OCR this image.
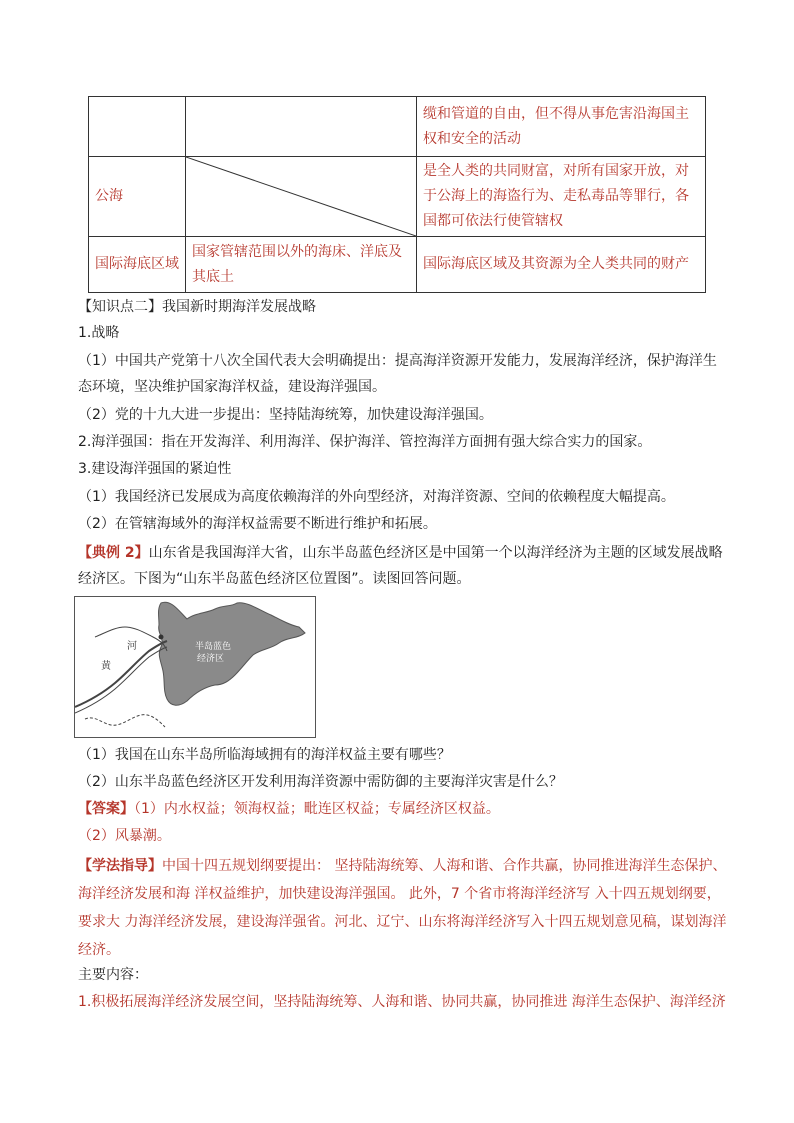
		缆和管道的自由，但不得从事危害沿海国主权和安全的活动
公海		是全人类的共同财富，对所有国家开放，对于公海上的海盗行为、走私毒品等罪行，各国都可依法行使管辖权
国际海底区域	国家管辖范围以外的海床、洋底及其底土	国际海底区域及其资源为全人类共同的财产
【知识点二】我国新时期海洋发展战略
1.战略
（1）中国共产党第十八次全国代表大会明确提出：提高海洋资源开发能力，发展海洋经济，保护海洋生态环境，坚决维护国家海洋权益，建设海洋强国。
（2）党的十九大进一步提出：坚持陆海统筹，加快建设海洋强国。
2.海洋强国：指在开发海洋、利用海洋、保护海洋、管控海洋方面拥有强大综合实力的国家。
3.建设海洋强国的紧迫性
（1）我国经济已发展成为高度依赖海洋的外向型经济，对海洋资源、空间的依赖程度大幅提高。
（2）在管辖海域外的海洋权益需要不断进行维护和拓展。
【典例 2】山东省是我国海洋大省，山东半岛蓝色经济区是中国第一个以海洋经济为主题的区域发展战略经济区。下图为“山东半岛蓝色经济区位置图”。读图回答问题。
半岛蓝色
经济区
河
黄
（1）我国在山东半岛所临海域拥有的海洋权益主要有哪些？
（2）山东半岛蓝色经济区开发利用海洋资源中需防御的主要海洋灾害是什么？
【答案】（1）内水权益；领海权益；毗连区权益；专属经济区权益。
（2）风暴潮。
【学法指导】中国十四五规划纲要提出： 坚持陆海统筹、人海和谐、合作共赢，协同推进海洋生态保护、海洋经济发展和海 洋权益维护，加快建设海洋强国。 此外，7 个省市将海洋经济写 入十四五规划纲要，要求大 力海洋经济发展，建设海洋强省。河北、辽宁、山东将海洋经济写入十四五规划意见稿，谋划海洋经济。
主要内容：
1.积极拓展海洋经济发展空间，坚持陆海统筹、人海和谐、协同共赢，协同推进 海洋生态保护、海洋经济
